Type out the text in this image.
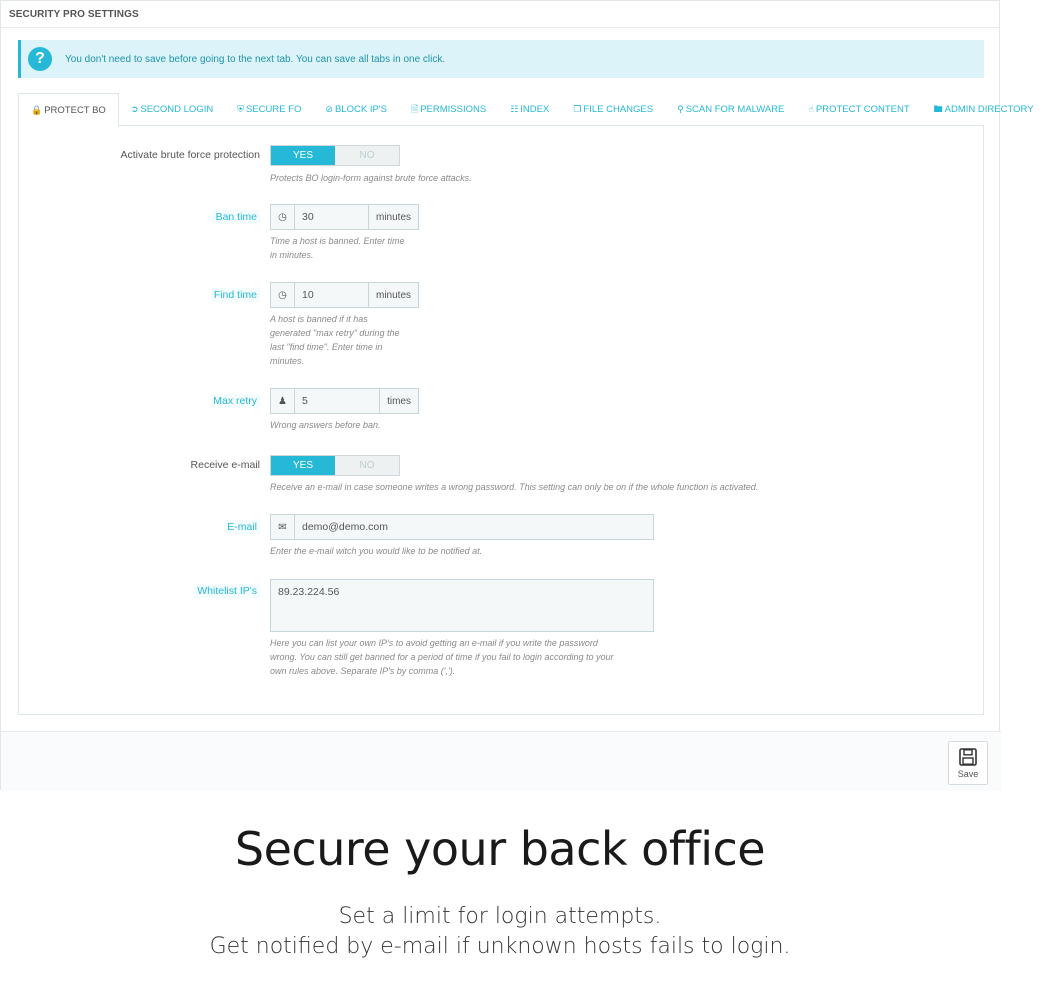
SECURITY PRO SETTINGS
?	You don't need to save before going to the next tab. You can save all tabs in one click.
🔒 PROTECT BO	➲ SECOND LOGIN	⛨ SECURE FO	⊘ BLOCK IP'S	🗎 PERMISSIONS	☷ INDEX	❐ FILE CHANGES	⚲ SCAN FOR MALWARE	☝ PROTECT CONTENT	🖿 ADMIN DIRECTORY
Activate brute force protection	YES	NO
Protects BO login-form against brute force attacks.
Ban time	◷	30	minutes
Time a host is banned. Enter time
in minutes.
Find time	◷	10	minutes
A host is banned if it has
generated "max retry" during the
last "find time". Enter time in
minutes.
Max retry	♟	5	times
Wrong answers before ban.
Receive e-mail	YES	NO
Receive an e-mail in case someone writes a wrong password. This setting can only be on if the whole function is activated.
E-mail	✉	demo@demo.com
Enter the e-mail witch you would like to be notified at.
Whitelist IP's	89.23.224.56
Here you can list your own IP's to avoid getting an e-mail if you write the password
wrong. You can still get banned for a period of time if you fail to login according to your
own rules above. Separate IP's by comma (',').
Save
Secure your back office
Set a limit for login attempts.
Get notified by e-mail if unknown hosts fails to login.
